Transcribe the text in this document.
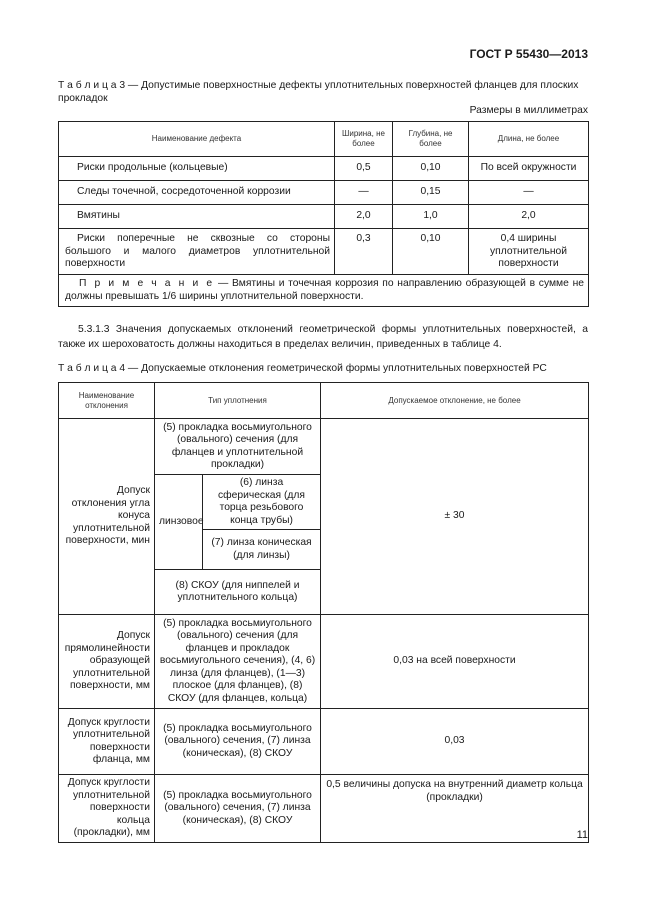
ГОСТ Р 55430—2013
Т а б л и ц а 3 — Допустимые поверхностные дефекты уплотнительных поверхностей фланцев для плоских прокладок
Размеры в миллиметрах
Наименование дефекта	Ширина, не более	Глубина, не более	Длина, не более
Риски продольные (кольцевые)	0,5	0,10	По всей окружности
Следы точечной, сосредоточенной коррозии	—	0,15	—
Вмятины	2,0	1,0	2,0
Риски поперечные не сквозные со стороны большого и малого диаметров уплотнительной поверхности	0,3	0,10	0,4 ширины уплотнительной поверхности
П р и м е ч а н и е — Вмятины и точечная коррозия по направлению образующей в сумме не должны превышать 1/6 ширины уплотнительной поверхности.			
5.3.1.3 Значения допускаемых отклонений геометрической формы уплотнительных поверхностей, а также их шероховатость должны находиться в пределах величин, приведенных в таблице 4.
Т а б л и ц а 4 — Допускаемые отклонения геометрической формы уплотнительных поверхностей РС
Наименование отклонения	Тип уплотнения		Допускаемое отклонение, не более
Допуск отклонения угла конуса уплотнительной поверхности, мин	(5) прокладка восьмиугольного (овального) сечения (для фланцев и уплотнительной прокладки)		± 30
	линзовое	(6) линза сферическая (для торца резьбового конца трубы)	
		(7) линза коническая (для линзы)	
	(8) СКОУ (для ниппелей и уплотнительного кольца)		
Допуск прямолинейности образующей уплотнительной поверхности, мм	(5) прокладка восьмиугольного (овального) сечения (для фланцев и прокладок восьмиугольного сечения), (4, 6) линза (для фланцев), (1—3) плоское (для фланцев), (8) СКОУ (для фланцев, кольца)		0,03 на всей поверхности
Допуск круглости уплотнительной поверхности фланца, мм	(5) прокладка восьмиугольного (овального) сечения, (7) линза (коническая), (8) СКОУ		0,03
Допуск круглости уплотнительной поверхности кольца (прокладки), мм	(5) прокладка восьмиугольного (овального) сечения, (7) линза (коническая), (8) СКОУ		0,5 величины допуска на внутренний диаметр кольца (прокладки)
11
